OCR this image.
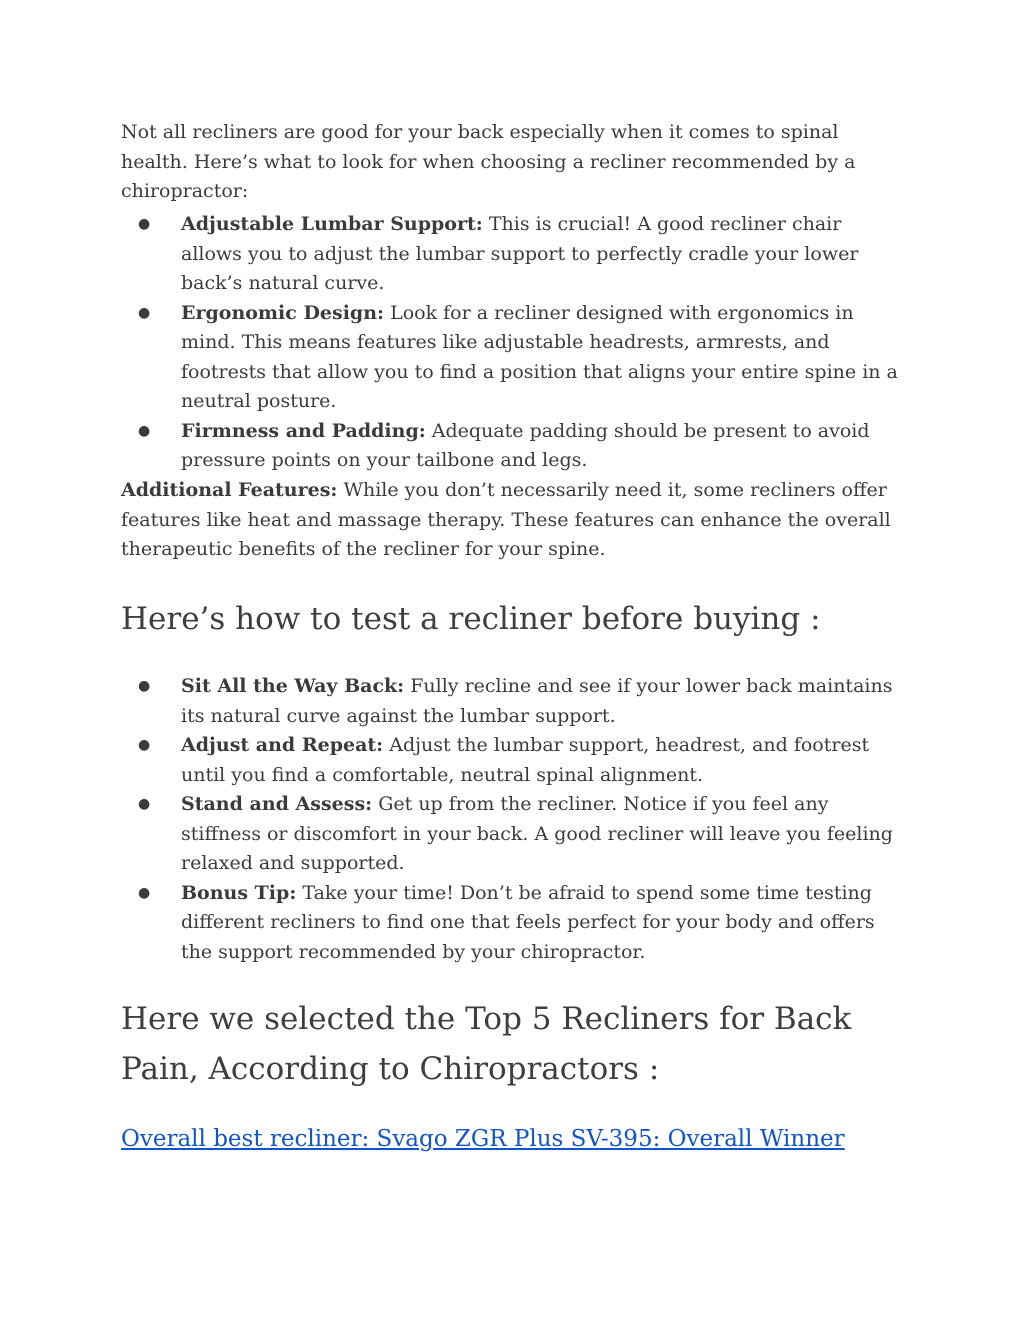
Not all recliners are good for your back especially when it comes to spinal health. Here’s what to look for when choosing a recliner recommended by a chiropractor:

● Adjustable Lumbar Support: This is crucial! A good recliner chair allows you to adjust the lumbar support to perfectly cradle your lower back’s natural curve.
● Ergonomic Design: Look for a recliner designed with ergonomics in mind. This means features like adjustable headrests, armrests, and footrests that allow you to find a position that aligns your entire spine in a neutral posture.
● Firmness and Padding: Adequate padding should be present to avoid pressure points on your tailbone and legs.

Additional Features: While you don’t necessarily need it, some recliners offer features like heat and massage therapy. These features can enhance the overall therapeutic benefits of the recliner for your spine.

Here’s how to test a recliner before buying :
● Sit All the Way Back: Fully recline and see if your lower back maintains its natural curve against the lumbar support.
● Adjust and Repeat: Adjust the lumbar support, headrest, and footrest until you find a comfortable, neutral spinal alignment.
● Stand and Assess: Get up from the recliner. Notice if you feel any stiffness or discomfort in your back. A good recliner will leave you feeling relaxed and supported.
● Bonus Tip: Take your time! Don’t be afraid to spend some time testing different recliners to find one that feels perfect for your body and offers the support recommended by your chiropractor.
Here we selected the Top 5 Recliners for Back Pain, According to Chiropractors :
Overall best recliner: Svago ZGR Plus SV-395: Overall Winner
